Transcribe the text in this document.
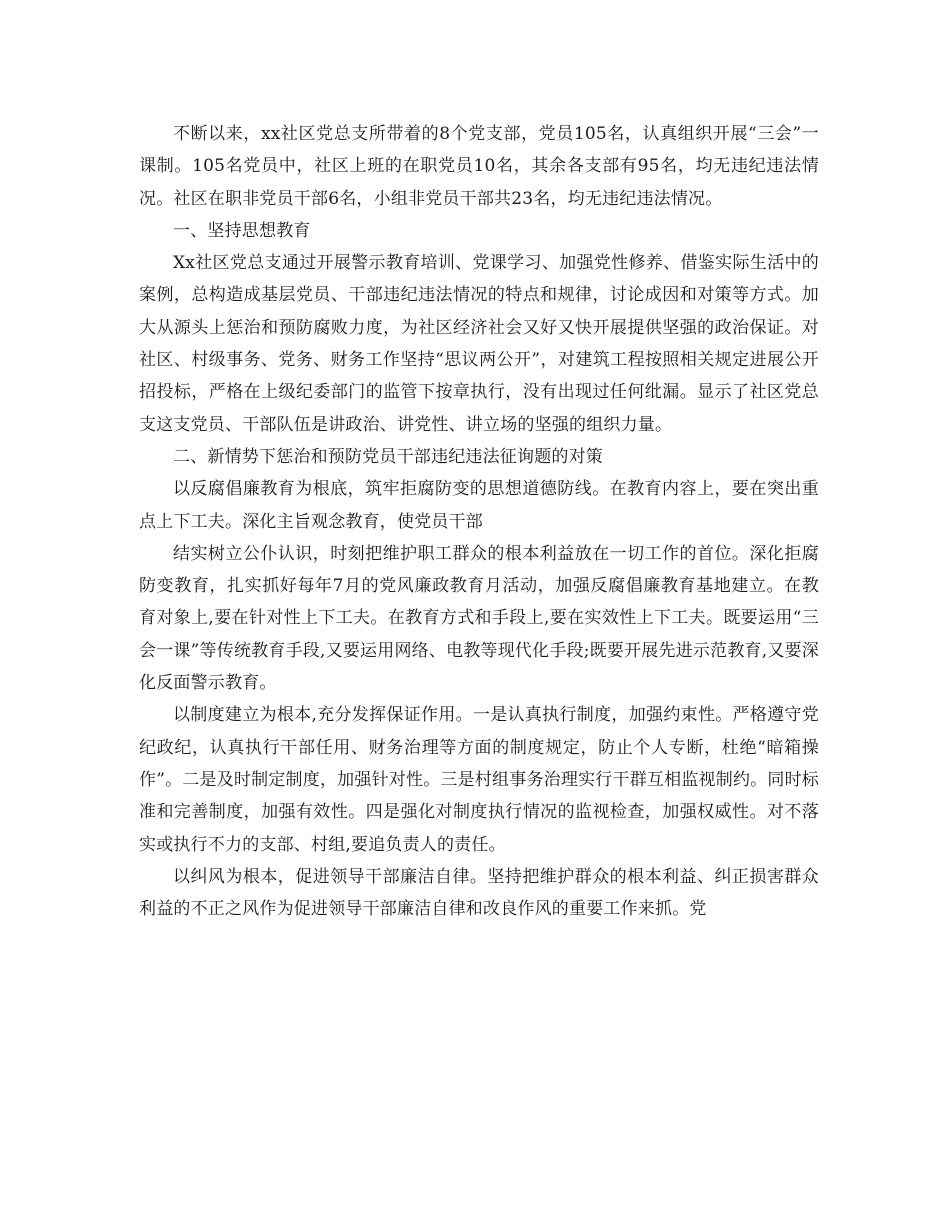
不断以来，xx社区党总支所带着的8个党支部，党员105名，认真组织开展“三会”一课制。105名党员中，社区上班的在职党员10名，其余各支部有95名，均无违纪违法情况。社区在职非党员干部6名，小组非党员干部共23名，均无违纪违法情况。

一、坚持思想教育

Xx社区党总支通过开展警示教育培训、党课学习、加强党性修养、借鉴实际生活中的案例，总构造成基层党员、干部违纪违法情况的特点和规律，讨论成因和对策等方式。加大从源头上惩治和预防腐败力度，为社区经济社会又好又快开展提供坚强的政治保证。对社区、村级事务、党务、财务工作坚持“思议两公开”，对建筑工程按照相关规定进展公开招投标，严格在上级纪委部门的监管下按章执行，没有出现过任何纰漏。显示了社区党总支这支党员、干部队伍是讲政治、讲党性、讲立场的坚强的组织力量。

二、新情势下惩治和预防党员干部违纪违法征询题的对策

以反腐倡廉教育为根底，筑牢拒腐防变的思想道德防线。在教育内容上，要在突出重点上下工夫。深化主旨观念教育，使党员干部

结实树立公仆认识，时刻把维护职工群众的根本利益放在一切工作的首位。深化拒腐防变教育，扎实抓好每年7月的党风廉政教育月活动，加强反腐倡廉教育基地建立。在教育对象上,要在针对性上下工夫。在教育方式和手段上,要在实效性上下工夫。既要运用“三会一课”等传统教育手段,又要运用网络、电教等现代化手段;既要开展先进示范教育,又要深化反面警示教育。

以制度建立为根本,充分发挥保证作用。一是认真执行制度，加强约束性。严格遵守党纪政纪，认真执行干部任用、财务治理等方面的制度规定，防止个人专断，杜绝“暗箱操作”。二是及时制定制度，加强针对性。三是村组事务治理实行干群互相监视制约。同时标准和完善制度，加强有效性。四是强化对制度执行情况的监视检查，加强权威性。对不落实或执行不力的支部、村组,要追负责人的责任。

以纠风为根本，促进领导干部廉洁自律。坚持把维护群众的根本利益、纠正损害群众利益的不正之风作为促进领导干部廉洁自律和改良作风的重要工作来抓。党
